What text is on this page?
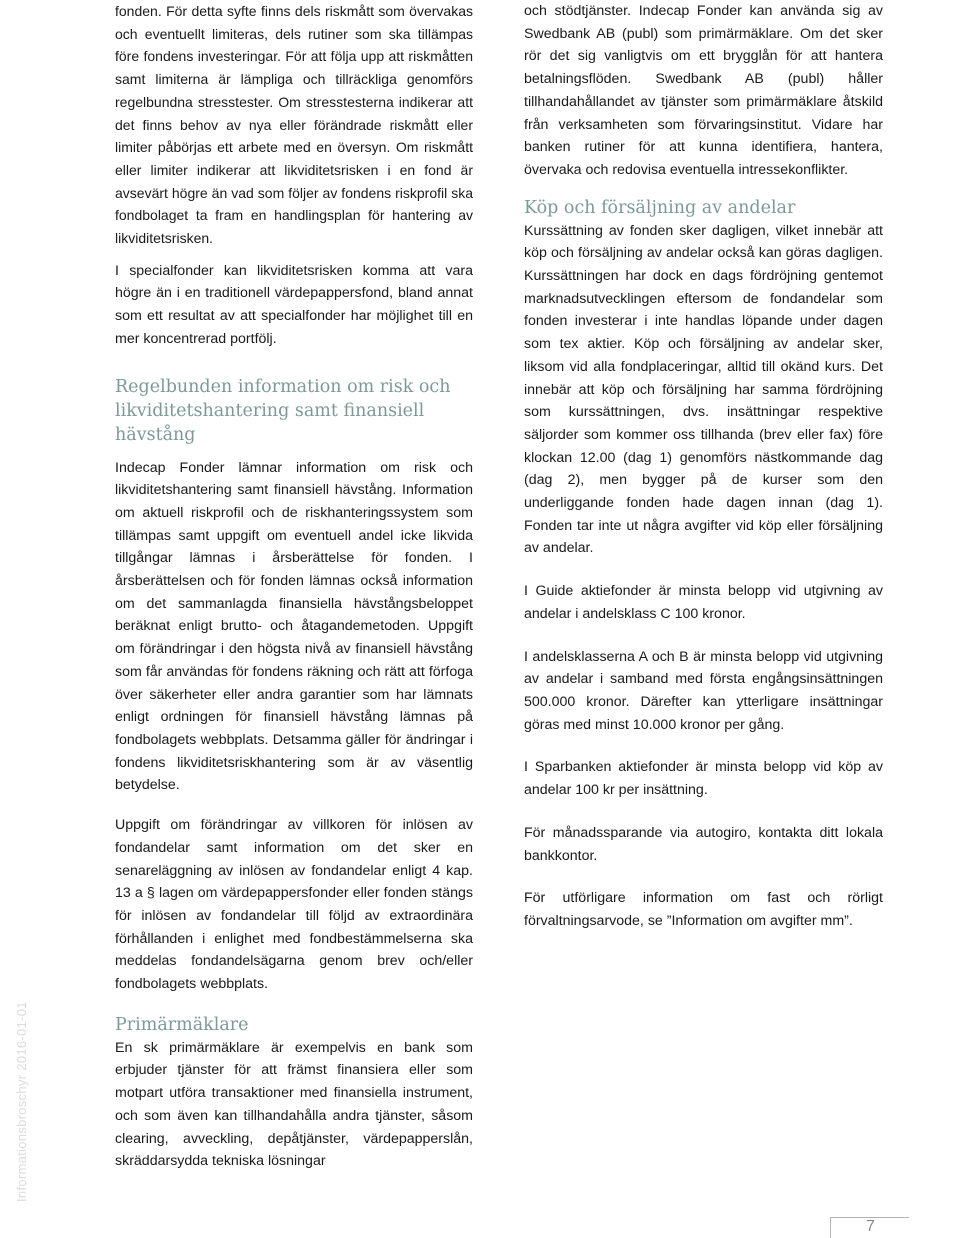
fonden. För detta syfte finns dels riskmått som övervakas och eventuellt limiteras, dels rutiner som ska tillämpas före fondens investeringar. För att följa upp att riskmåtten samt limiterna är lämpliga och tillräckliga genomförs regelbundna stresstester. Om stresstesterna indikerar att det finns behov av nya eller förändrade riskmått eller limiter påbörjas ett arbete med en översyn. Om riskmått eller limiter indikerar att likviditetsrisken i en fond är avsevärt högre än vad som följer av fondens riskprofil ska fondbolaget ta fram en handlingsplan för hantering av likviditetsrisken.

I specialfonder kan likviditetsrisken komma att vara högre än i en traditionell värdepappersfond, bland annat som ett resultat av att specialfonder har möjlighet till en mer koncentrerad portfölj.

Regelbunden information om risk och likviditetshantering samt finansiell hävstång

Indecap Fonder lämnar information om risk och likviditetshantering samt finansiell hävstång. Information om aktuell riskprofil och de riskhanteringssystem som tillämpas samt uppgift om eventuell andel icke likvida tillgångar lämnas i årsberättelse för fonden. I årsberättelsen och för fonden lämnas också information om det sammanlagda finansiella hävstångsbeloppet beräknat enligt brutto- och åtagandemetoden. Uppgift om förändringar i den högsta nivå av finansiell hävstång som får användas för fondens räkning och rätt att förfoga över säkerheter eller andra garantier som har lämnats enligt ordningen för finansiell hävstång lämnas på fondbolagets webbplats. Detsamma gäller för ändringar i fondens likviditetsriskhantering som är av väsentlig betydelse.

Uppgift om förändringar av villkoren för inlösen av fondandelar samt information om det sker en senareläggning av inlösen av fondandelar enligt 4 kap. 13 a § lagen om värdepappersfonder eller fonden stängs för inlösen av fondandelar till följd av extraordinära förhållanden i enlighet med fondbestämmelserna ska meddelas fondandelsägarna genom brev och/eller fondbolagets webbplats.

Primärmäklare

En sk primärmäklare är exempelvis en bank som erbjuder tjänster för att främst finansiera eller som motpart utföra transaktioner med finansiella instrument, och som även kan tillhandahålla andra tjänster, såsom clearing, avveckling, depåtjänster, värdepapperslån, skräddarsydda tekniska lösningar

och stödtjänster. Indecap Fonder kan använda sig av Swedbank AB (publ) som primärmäklare. Om det sker rör det sig vanligtvis om ett brygglån för att hantera betalningsflöden. Swedbank AB (publ) håller tillhandahållandet av tjänster som primärmäklare åtskild från verksamheten som förvaringsinstitut. Vidare har banken rutiner för att kunna identifiera, hantera, övervaka och redovisa eventuella intressekonflikter.

Köp och försäljning av andelar

Kurssättning av fonden sker dagligen, vilket innebär att köp och försäljning av andelar också kan göras dagligen. Kurssättningen har dock en dags fördröjning gentemot marknadsutvecklingen eftersom de fondandelar som fonden investerar i inte handlas löpande under dagen som tex aktier. Köp och försäljning av andelar sker, liksom vid alla fondplaceringar, alltid till okänd kurs. Det innebär att köp och försäljning har samma fördröjning som kurssättningen, dvs. insättningar respektive säljorder som kommer oss tillhanda (brev eller fax) före klockan 12.00 (dag 1) genomförs nästkommande dag (dag 2), men bygger på de kurser som den underliggande fonden hade dagen innan (dag 1). Fonden tar inte ut några avgifter vid köp eller försäljning av andelar.

I Guide aktiefonder är minsta belopp vid utgivning av andelar i andelsklass C 100 kronor.

I andelsklasserna A och B är minsta belopp vid utgivning av andelar i samband med första engångsinsättningen 500.000 kronor. Därefter kan ytterligare insättningar göras med minst 10.000 kronor per gång.

I Sparbanken aktiefonder är minsta belopp vid köp av andelar 100 kr per insättning.

För månadssparande via autogiro, kontakta ditt lokala bankkontor.

För utförligare information om fast och rörligt förvaltningsarvode, se ”Information om avgifter mm”.

Informationsbroschyr 2016-01-01
7
